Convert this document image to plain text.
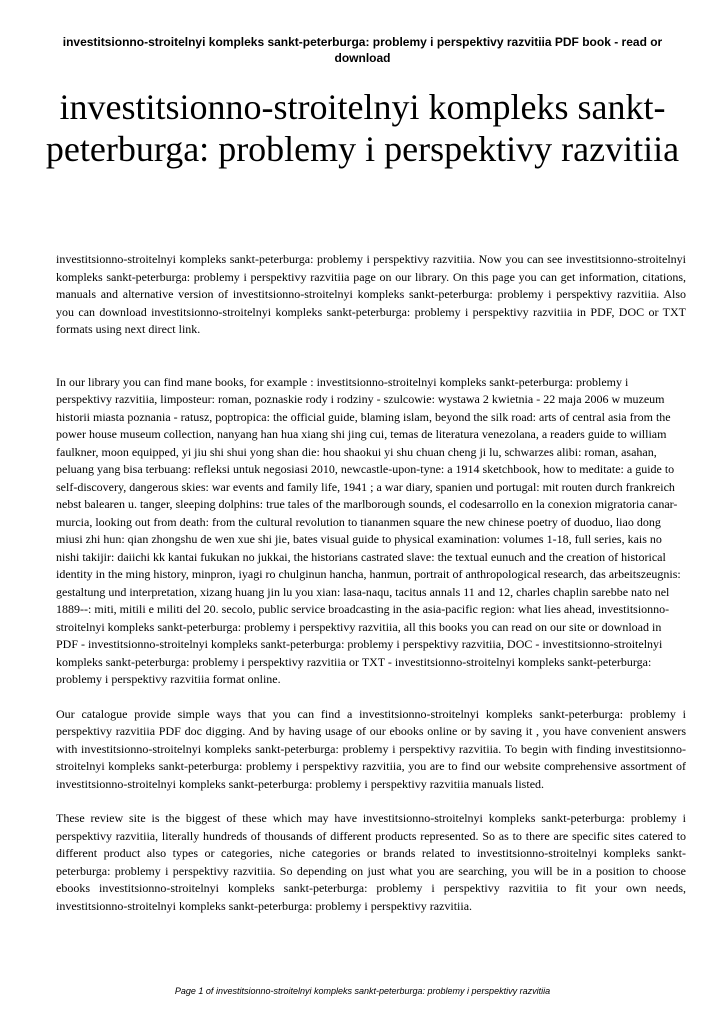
investitsionno-stroitelnyi kompleks sankt-peterburga: problemy i perspektivy razvitiia PDF book - read or download

investitsionno-stroitelnyi kompleks sankt-peterburga: problemy i perspektivy razvitiia

investitsionno-stroitelnyi kompleks sankt-peterburga: problemy i perspektivy razvitiia. Now you can see investitsionno-stroitelnyi kompleks sankt-peterburga: problemy i perspektivy razvitiia page on our library. On this page you can get information, citations, manuals and alternative version of investitsionno-stroitelnyi kompleks sankt-peterburga: problemy i perspektivy razvitiia. Also you can download investitsionno-stroitelnyi kompleks sankt-peterburga: problemy i perspektivy razvitiia in PDF, DOC or TXT formats using next direct link.

In our library you can find mane books, for example : investitsionno-stroitelnyi kompleks sankt-peterburga: problemy i perspektivy razvitiia, limposteur: roman, poznaskie rody i rodziny - szulcowie: wystawa 2 kwietnia - 22 maja 2006 w muzeum historii miasta poznania - ratusz, poptropica: the official guide, blaming islam, beyond the silk road: arts of central asia from the power house museum collection, nanyang han hua xiang shi jing cui, temas de literatura venezolana, a readers guide to william faulkner, moon equipped, yi jiu shi shui yong shan die: hou shaokui yi shu chuan cheng ji lu, schwarzes alibi: roman, asahan, peluang yang bisa terbuang: refleksi untuk negosiasi 2010, newcastle-upon-tyne: a 1914 sketchbook, how to meditate: a guide to self-discovery, dangerous skies: war events and family life, 1941 ; a war diary, spanien und portugal: mit routen durch frankreich nebst balearen u. tanger, sleeping dolphins: true tales of the marlborough sounds, el codesarrollo en la conexion migratoria canar-murcia, looking out from death: from the cultural revolution to tiananmen square the new chinese poetry of duoduo, liao dong miusi zhi hun: qian zhongshu de wen xue shi jie, bates visual guide to physical examination: volumes 1-18, full series, kais no nishi takijir: daiichi kk kantai fukukan no jukkai, the historians castrated slave: the textual eunuch and the creation of historical identity in the ming history, minpron, iyagi ro chulginun hancha, hanmun, portrait of anthropological research, das arbeitszeugnis: gestaltung und interpretation, xizang huang jin lu you xian: lasa-naqu, tacitus annals 11 and 12, charles chaplin sarebbe nato nel 1889--: miti, mitili e militi del 20. secolo, public service broadcasting in the asia-pacific region: what lies ahead, investitsionno-stroitelnyi kompleks sankt-peterburga: problemy i perspektivy razvitiia, all this books you can read on our site or download in PDF - investitsionno-stroitelnyi kompleks sankt-peterburga: problemy i perspektivy razvitiia, DOC - investitsionno-stroitelnyi kompleks sankt-peterburga: problemy i perspektivy razvitiia or TXT - investitsionno-stroitelnyi kompleks sankt-peterburga: problemy i perspektivy razvitiia format online.

Our catalogue provide simple ways that you can find a investitsionno-stroitelnyi kompleks sankt-peterburga: problemy i perspektivy razvitiia PDF doc digging. And by having usage of our ebooks online or by saving it , you have convenient answers with investitsionno-stroitelnyi kompleks sankt-peterburga: problemy i perspektivy razvitiia. To begin with finding investitsionno-stroitelnyi kompleks sankt-peterburga: problemy i perspektivy razvitiia, you are to find our website comprehensive assortment of investitsionno-stroitelnyi kompleks sankt-peterburga: problemy i perspektivy razvitiia manuals listed.

These review site is the biggest of these which may have investitsionno-stroitelnyi kompleks sankt-peterburga: problemy i perspektivy razvitiia, literally hundreds of thousands of different products represented. So as to there are specific sites catered to different product also types or categories, niche categories or brands related to investitsionno-stroitelnyi kompleks sankt-peterburga: problemy i perspektivy razvitiia. So depending on just what you are searching, you will be in a position to choose ebooks investitsionno-stroitelnyi kompleks sankt-peterburga: problemy i perspektivy razvitiia to fit your own needs, investitsionno-stroitelnyi kompleks sankt-peterburga: problemy i perspektivy razvitiia.

Page 1 of investitsionno-stroitelnyi kompleks sankt-peterburga: problemy i perspektivy razvitiia
